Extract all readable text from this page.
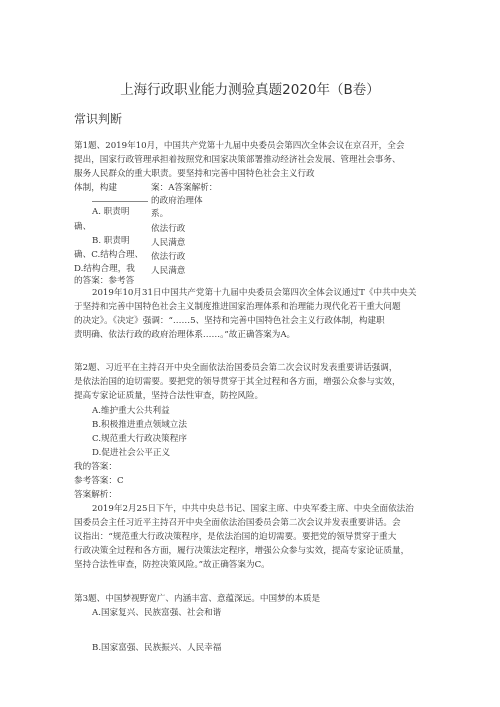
上海行政职业能力测验真题2020年（B卷）
常识判断
第1题、2019年10月，中国共产党第十九届中央委员会第四次全体会议在京召开，全会
提出，国家行政管理承担着按照党和国家决策部署推动经济社会发展、管理社会事务、
服务人民群众的重大职责。要坚持和完善中国特色社会主义行政
体制，构建
A. 职责明
确、
B. 职责明
确、C.结构合理、
D.结构合理，我
的答案：参考答
案：A答案解析：
的政府治理体
系。
依法行政
人民满意
依法行政
人民满意
2019年10月31日中国共产党第十九届中央委员会第四次全体会议通过T《中共中央关
于坚持和完善中国特色社会主义制度推进国家治理体系和治理能力现代化若干重大问题
的决定》。《决定》强调：“……5、坚持和完善中国特色社会主义行政体制，构建职
责明确、依法行政的政府治理体系……。”故正确答案为A。
第2题、习近平在主持召开中央全面依法治国委员会第二次会议时发表重要讲话强调，
是依法治国的迫切需要。要把党的领导贯穿于其全过程和各方面，增强公众参与实效，
提高专家论证质量，坚持合法性审查，防控风险。
A.维护重大公共利益
B.积极推进重点领域立法
C.规范重大行政决策程序
D.促进社会公平正义
我的答案：
参考答案：C
答案解析：
2019年2月25日下午，中共中央总书记、国家主席、中央军委主席、中央全面依法治
国委员会主任习近平主持召开中央全面依法治国委员会第二次会议并发表重要讲话。会
议指出：“规范重大行政决策程序，是依法治国的迫切需要。要把党的领导贯穿于重大
行政决策全过程和各方面，履行决策法定程序，增强公众参与实效，提高专家论证质量，
坚持合法性审查，防控决策风险。”故正确答案为C。
第3题、中国梦视野宽广、内涵丰富、意蕴深远。中国梦的本质是
A.国家复兴、民族富强、社会和谐
B.国家富强、民族振兴、人民幸福
